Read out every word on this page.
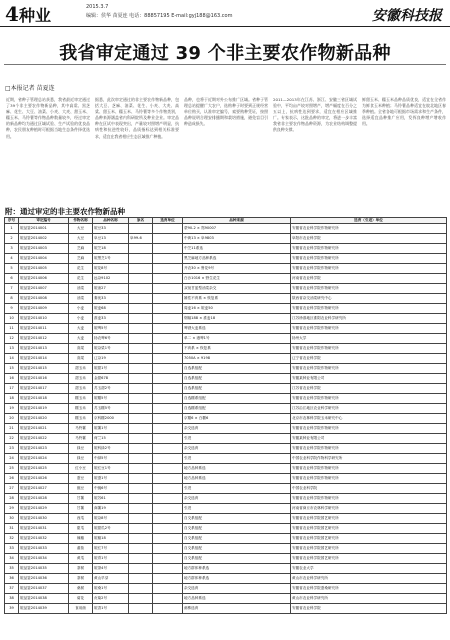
4 种业	2015.3.7
编辑：侯华 苗夏连 电话：88857195 E-mail:gyj188@163.com	安徽科技报
我省审定通过 39 个非主要农作物新品种
□本报记者 苗夏连
近期，省种子管理总站获悉，我省最近审定通过了39个非主要农作物新品种，其中高粱、黑芝麻、花生、大豆、油菜、小麦、大麦、甜玉米、糯玉米、马铃薯等作物品种数量较多，经过审定的新品种均为通过区域试验、生产试验的优良品种，农民朋友种植时可根据当地生态条件择优选用。
据悉，此次审定通过的非主要农作物新品种，包括大豆、芝麻、油菜、花生、小麦、大麦、高粱、甜玉米、糯玉米、马铃薯等多个作物类别，品种来源涵盖省内科研院所及种业企业。审定品种在区试中表现突出，产量较对照增产明显，抗病性和抗逆性较好，品质指标达到相关标准要求，适宜在我省相应生态区域推广种植。
品种，也将于近期对外公布推广区域。省种子管理总站提醒广大农户，选购种子时要到正规经营单位购买，认准审定编号，索要购种凭证，按照品种说明合理安排播期和栽培措施，避免盲目引种造成损失。
2011—2013年在江苏、浙江、安徽三省区域试验中，平均亩产较对照增产，增产幅度在百分之五以上，抗病性达到要求，适宜在相应区域推广。专家表示，这批品种的审定，将进一步丰富我省非主要农作物品种资源，为农业结构调整提供良种支撑。
鲜甜玉米、糯玉米品种品质优良，适宜在全省作为鲜食玉米种植；马铃薯品种适宜在皖北地区春季种植。全省各地可根据市场需求和生产条件，选择适宜品种推广应用，发挥良种增产增收作用。
附：通过审定的非主要农作物新品种
序号	审定编号	作物名称	品种名称	原名	选育单位	品种来源	选育（引进）单位
1	皖品鉴2014001	大豆	皖豆33			蒙90-2 × 郑90007	安徽省农业科学院作物研究所
2	皖品鉴2014002	大豆	阜豆13	阜99-6		中黄13 × 阜9803	阜阳市农业科学院
3	皖品鉴2014003	芝麻	皖芝18			中芝11系选	安徽省农业科学院作物研究所
4	皖品鉴2014004	芝麻	皖黑芝1号			黑芝麻地方品种系选	安徽省农业科学院作物研究所
5	皖品鉴2014005	花生	皖花8号			开农30 × 鲁花9号	安徽省农业科学院作物研究所
6	皖品鉴2014006	花生	远杂9102			白沙1016 × 野生花生	河南省农业科学院
7	皖品鉴2014007	油菜	皖油27			双低甘蓝型油菜杂交	安徽省农业科学院作物研究所
8	皖品鉴2014008	油菜	秦优33			雄性不育系 × 恢复系	陕西省杂交油菜研究中心
9	皖品鉴2014009	小麦	皖麦68			周麦16 × 皖麦50	安徽省农业科学院作物研究所
10	皖品鉴2014010	小麦	淮麦33			烟辐188 × 淮麦18	江苏徐淮地区淮阴农业科学研究所
11	皖品鉴2014011	大麦	皖啤5号			啤酒大麦系选	安徽省农业科学院作物研究所
12	皖品鉴2014012	大麦	扬农啤6号			单二 × 港啤1号	扬州大学
13	皖品鉴2014013	高粱	皖杂粱1号			不育系 × 恢复系	安徽省农业科学院作物研究所
14	皖品鉴2014014	高粱	辽杂19			7050A × 9198	辽宁省农业科学院
15	皖品鉴2014015	甜玉米	皖甜1号			自选系组配	安徽省农业科学院作物研究所
16	皖品鉴2014016	甜玉米	金甜678			自选系组配	安徽某种业有限公司
17	皖品鉴2014017	甜玉米	苏玉甜2号			自选系组配	江苏省农业科学院
18	皖品鉴2014018	糯玉米	皖糯5号			自选糯系组配	安徽省农业科学院作物研究所
19	皖品鉴2014019	糯玉米	苏玉糯5号			自选糯系组配	江苏沿江地区农业科学研究所
20	皖品鉴2014020	糯玉米	京科糯2000			京糯6 × 白糯6	北京市农林科学院玉米研究中心
21	皖品鉴2014021	马铃薯	皖薯1号			杂交选育	安徽省农业科学院作物研究所
22	皖品鉴2014022	马铃薯	荷兰15			引进	安徽某种业有限公司
23	皖品鉴2014023	绿豆	皖科绿2号			杂交选育	安徽省农业科学院作物研究所
24	皖品鉴2014024	绿豆	中绿5号			引进	中国农业科学院作物科学研究所
25	皖品鉴2014025	红小豆	皖红豆1号			地方品种系选	安徽省农业科学院作物研究所
26	皖品鉴2014026	蚕豆	皖蚕1号			地方品种系选	安徽省农业科学院作物研究所
27	皖品鉴2014027	豌豆	中豌6号			引进	中国农业科学院
28	皖品鉴2014028	甘薯	皖苏61			杂交选育	安徽省农业科学院作物研究所
29	皖品鉴2014029	甘薯	商薯19			引进	河南省商丘市农林科学研究所
30	皖品鉴2014030	西瓜	皖杂8号			自交系组配	安徽省农业科学院园艺研究所
31	皖品鉴2014031	甜瓜	皖甜瓜2号			自交系组配	安徽省农业科学院园艺研究所
32	皖品鉴2014032	辣椒	皖椒18			自交系组配	安徽省农业科学院园艺研究所
33	皖品鉴2014033	番茄	皖红7号			自交系组配	安徽省农业科学院园艺研究所
34	皖品鉴2014034	黄瓜	皖青1号			自交系组配	安徽省农业科学院园艺研究所
35	皖品鉴2014035	茶树	皖茶4号			地方群体种系选	安徽农业大学
36	皖品鉴2014036	茶树	黄山早芽			地方群体种系选	黄山市农业科学研究所
37	皖品鉴2014037	桑树	皖桑1号			杂交选育	安徽省农业科学院蚕桑研究所
38	皖品鉴2014038	菊花	贡菊2号			地方品种系选	黄山市农业科学研究所
39	皖品鉴2014039	食用菌	皖香1号			菌株选育	安徽省农业科学院
